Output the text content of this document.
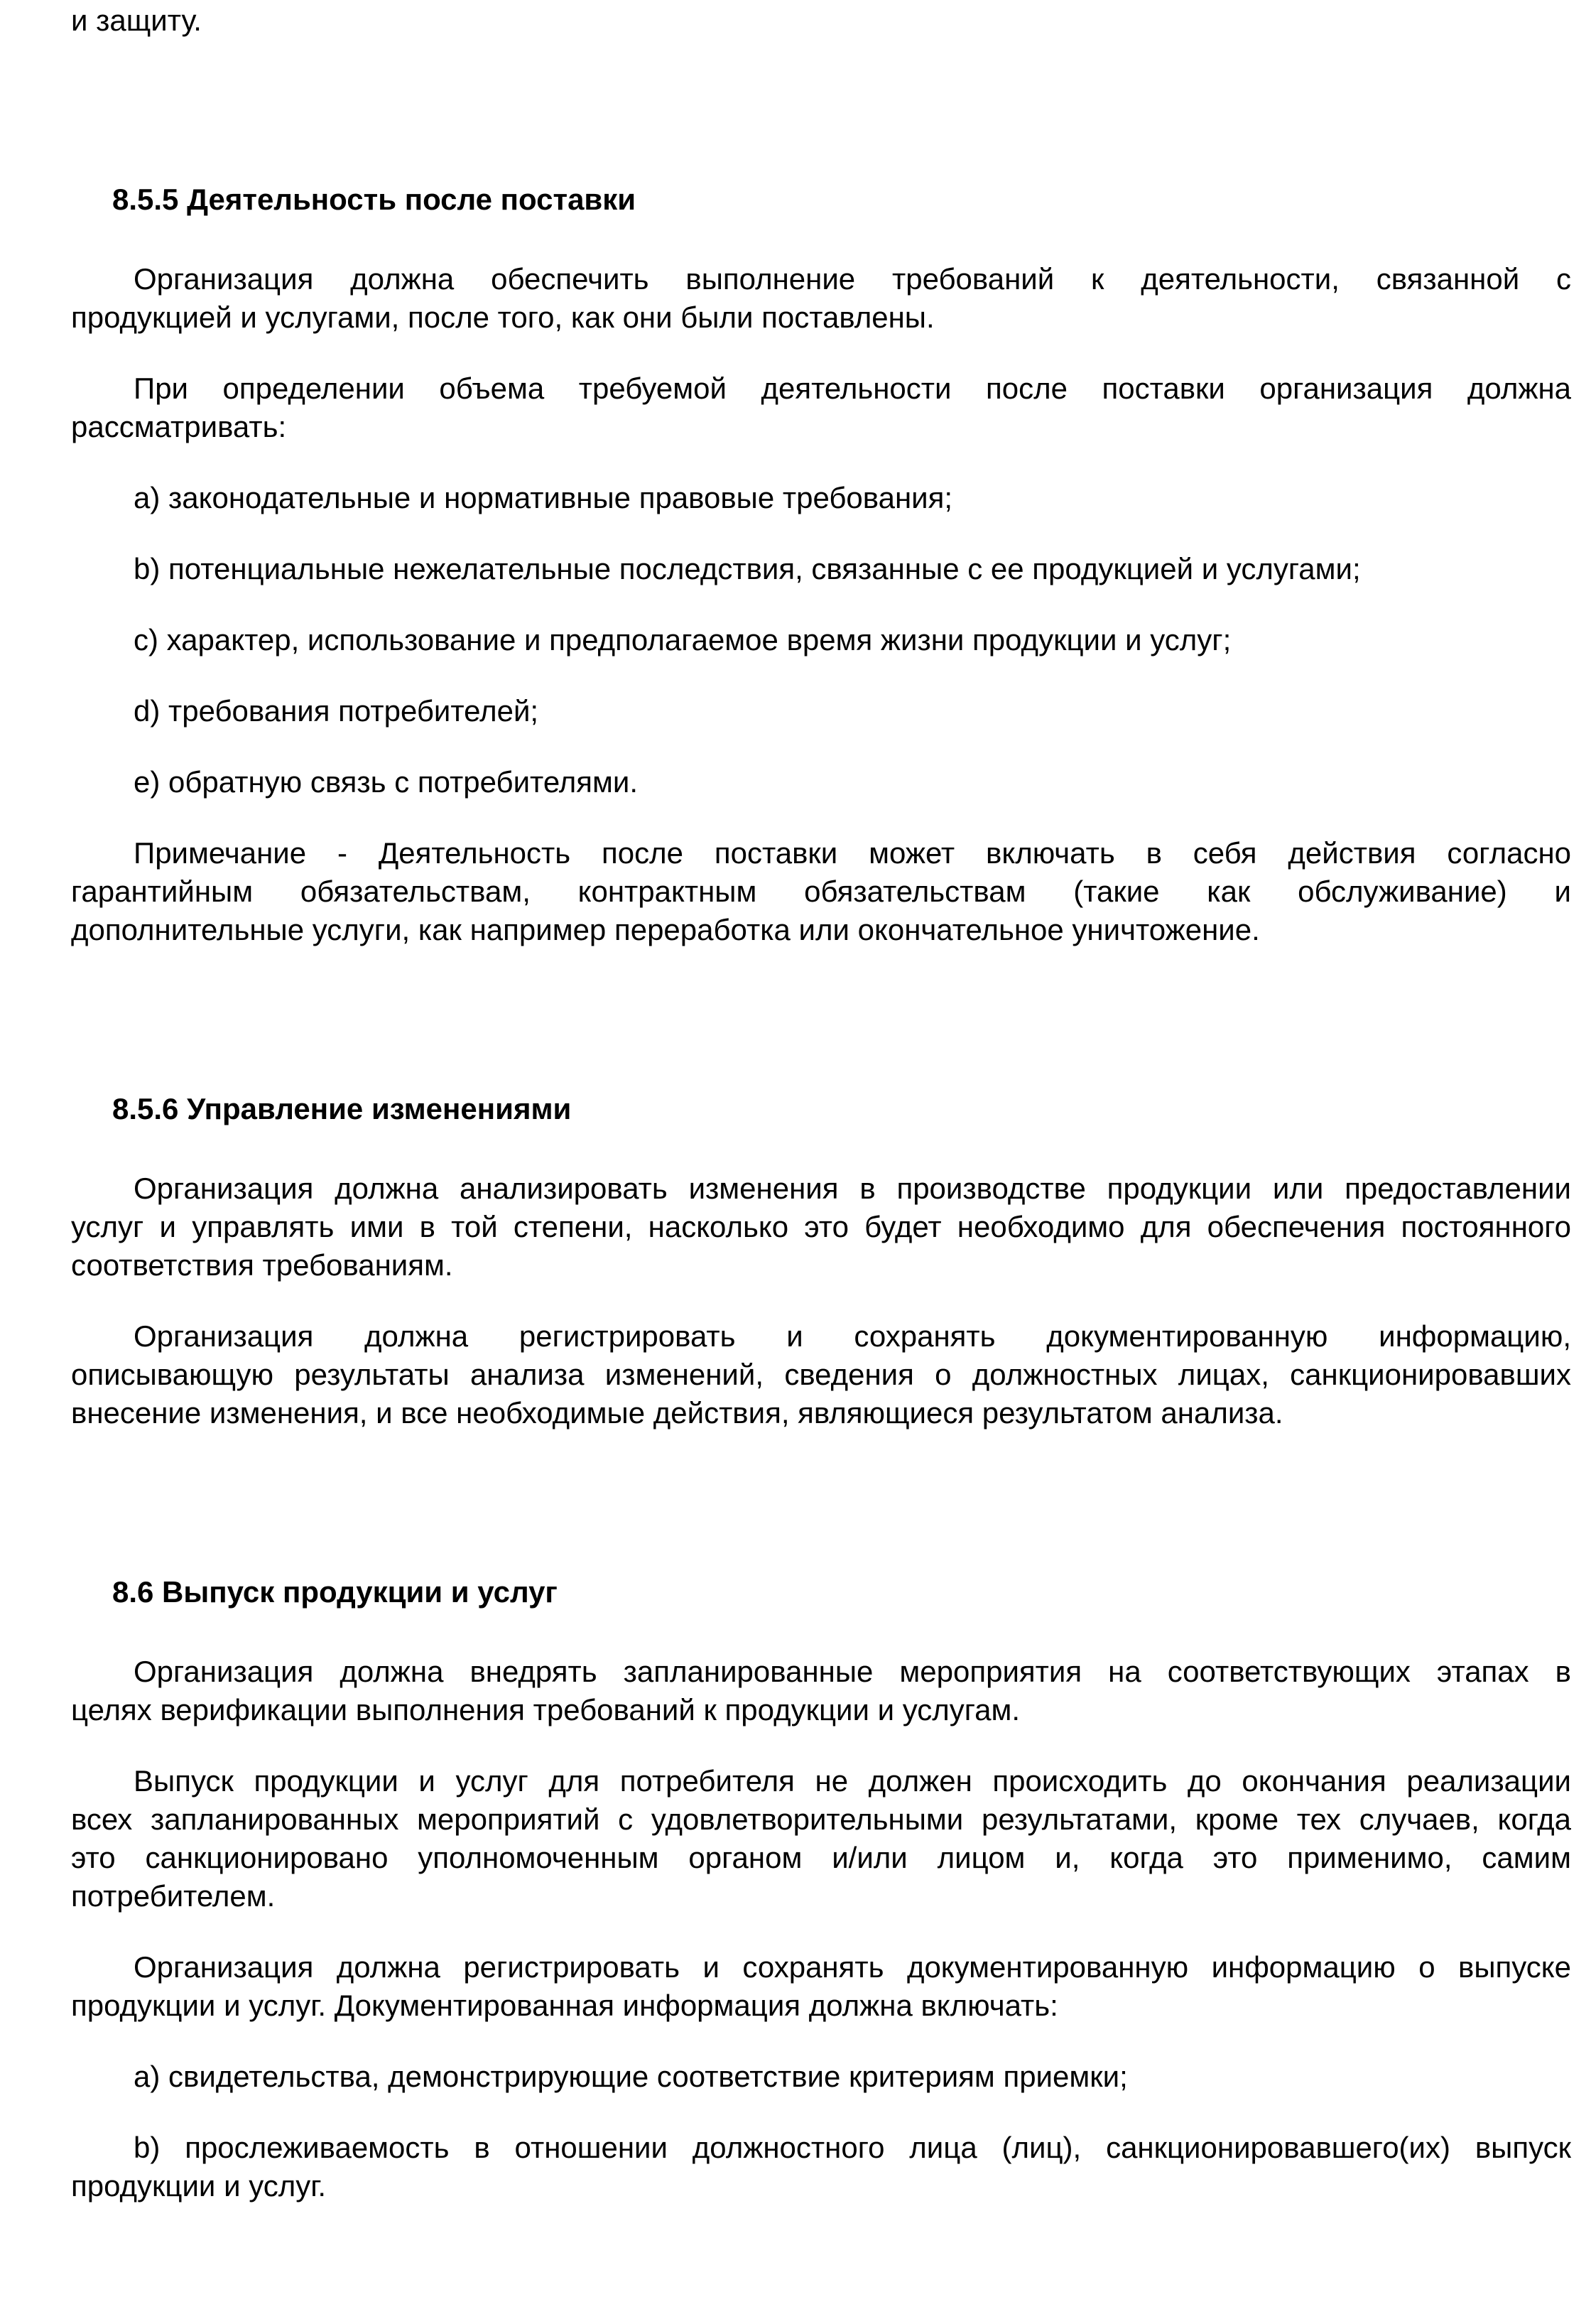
и защиту.
8.5.5 Деятельность после поставки
Организация должна обеспечить выполнение требований к деятельности, связанной с
продукцией и услугами, после того, как они были поставлены.
При определении объема требуемой деятельности после поставки организация должна
рассматривать:
a) законодательные и нормативные правовые требования;
b) потенциальные нежелательные последствия, связанные с ее продукцией и услугами;
c) характер, использование и предполагаемое время жизни продукции и услуг;
d) требования потребителей;
e) обратную связь с потребителями.
Примечание - Деятельность после поставки может включать в себя действия согласно
гарантийным обязательствам, контрактным обязательствам (такие как обслуживание) и
дополнительные услуги, как например переработка или окончательное уничтожение.
8.5.6 Управление изменениями
Организация должна анализировать изменения в производстве продукции или предоставлении
услуг и управлять ими в той степени, насколько это будет необходимо для обеспечения постоянного
соответствия требованиям.
Организация должна регистрировать и сохранять документированную информацию,
описывающую результаты анализа изменений, сведения о должностных лицах, санкционировавших
внесение изменения, и все необходимые действия, являющиеся результатом анализа.
8.6 Выпуск продукции и услуг
Организация должна внедрять запланированные мероприятия на соответствующих этапах в
целях верификации выполнения требований к продукции и услугам.
Выпуск продукции и услуг для потребителя не должен происходить до окончания реализации
всех запланированных мероприятий с удовлетворительными результатами, кроме тех случаев, когда
это санкционировано уполномоченным органом и/или лицом и, когда это применимо, самим
потребителем.
Организация должна регистрировать и сохранять документированную информацию о выпуске
продукции и услуг. Документированная информация должна включать:
a) свидетельства, демонстрирующие соответствие критериям приемки;
b) прослеживаемость в отношении должностного лица (лиц), санкционировавшего(их) выпуск
продукции и услуг.
